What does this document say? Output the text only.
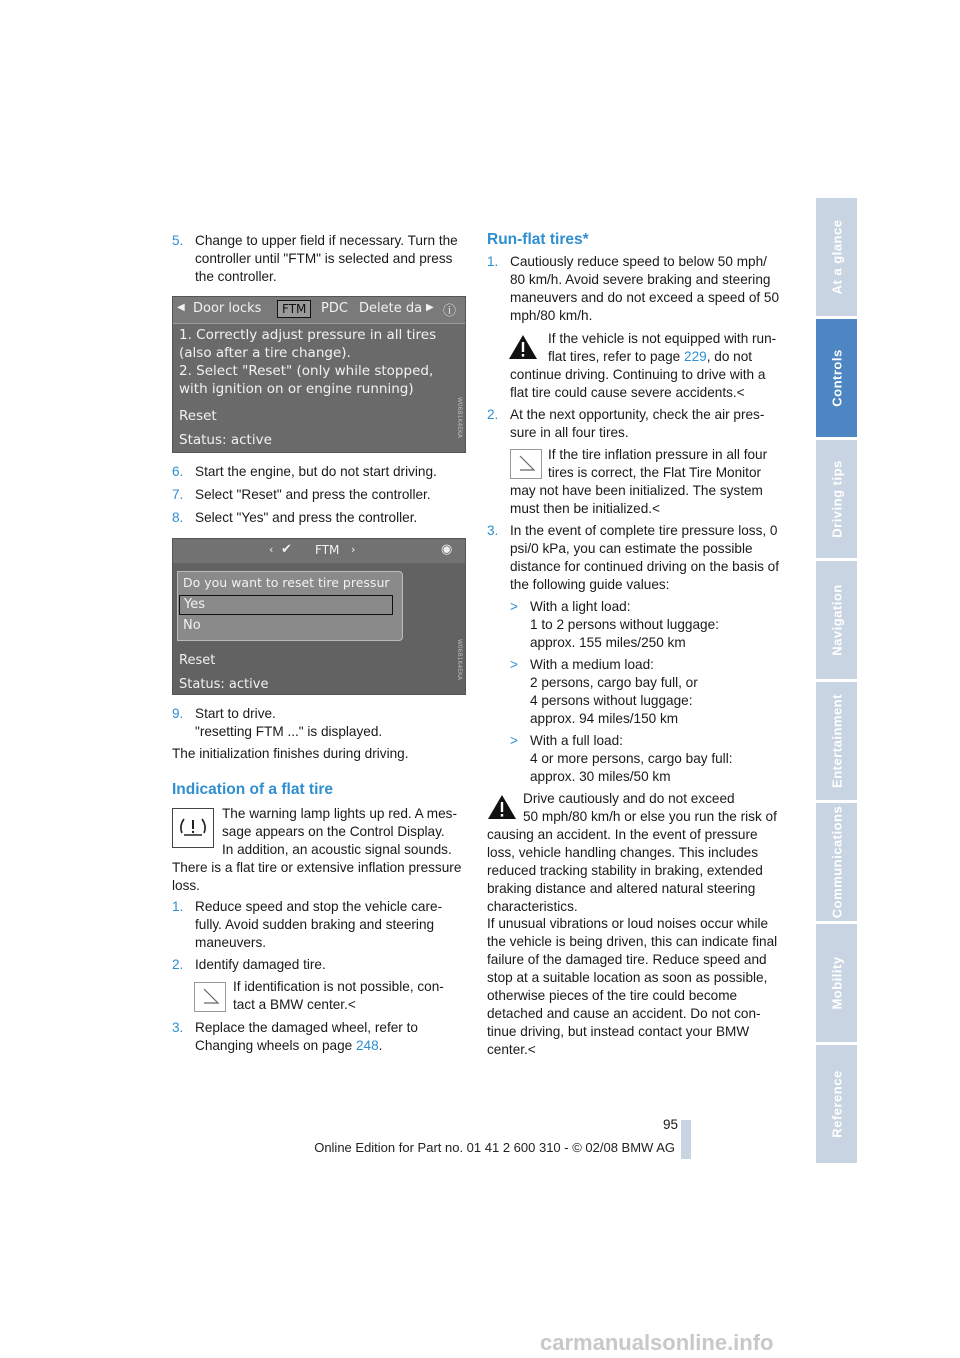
At a glance
Controls
Driving tips
Navigation
Entertainment
Communications
Mobility
Reference
5. Change to upper field if necessary. Turn the controller until "FTM" is selected and press the controller.

◀ Door locks	FTM	PDC Delete da ▶ ⓘ
1. Correctly adjust pressure in all tires
(also after a tire change).
2. Select "Reset" (only while stopped,
with ignition on or engine running)
Reset
Status: active
W06B1K4EKA
6. Start the engine, but do not start driving.

7. Select "Reset" and press the controller.

8. Select "Yes" and press the controller.

‹ ✔ FTM ›	◉
Do you want to reset tire pressur
Yes
No
Reset
Status: active
W06B1K4EKA
9. Start to drive.

"resetting FTM ..." is displayed.

The initialization finishes during driving.

Indication of a flat tire

The warning lamp lights up red. A mes-

sage appears on the Control Display.

In addition, an acoustic signal sounds.

There is a flat tire or extensive inflation pressure loss.

1. Reduce speed and stop the vehicle care-fully. Avoid sudden braking and steering maneuvers.

2. Identify damaged tire.

If identification is not possible, con-

tact a BMW center.<

3. Replace the damaged wheel, refer to

Changing wheels on page 248.

Run-flat tires*
1. Cautiously reduce speed to below 50 mph/ 80 km/h. Avoid severe braking and steering maneuvers and do not exceed a speed of 50 mph/80 km/h.

If the vehicle is not equipped with run-

flat tires, refer to page 229, do not

continue driving. Continuing to drive with a flat tire could cause severe accidents.<

2. At the next opportunity, check the air pres-sure in all four tires.

If the tire inflation pressure in all four

tires is correct, the Flat Tire Monitor

may not have been initialized. The system must then be initialized.<

3. In the event of complete tire pressure loss, 0 psi/0 kPa, you can estimate the possible distance for continued driving on the basis of the following guide values:

> With a light load:
1 to 2 persons without luggage:
approx. 155 miles/250 km
> With a medium load:
2 persons, cargo bay full, or
4 persons without luggage:
approx. 94 miles/150 km
> With a full load:
4 or more persons, cargo bay full:
approx. 30 miles/50 km

Drive cautiously and do not exceed

50 mph/80 km/h or else you run the risk of

causing an accident. In the event of pressure loss, vehicle handling changes. This includes reduced tracking stability in braking, extended braking distance and altered natural steering characteristics.

If unusual vibrations or loud noises occur while the vehicle is being driven, this can indicate final failure of the damaged tire. Reduce speed and stop at a suitable location as soon as possible, otherwise pieces of the tire could become detached and cause an accident. Do not con-tinue driving, but instead contact your BMW center.<

95
Online Edition for Part no. 01 41 2 600 310 - © 02/08 BMW AG
carmanualsonline.info
